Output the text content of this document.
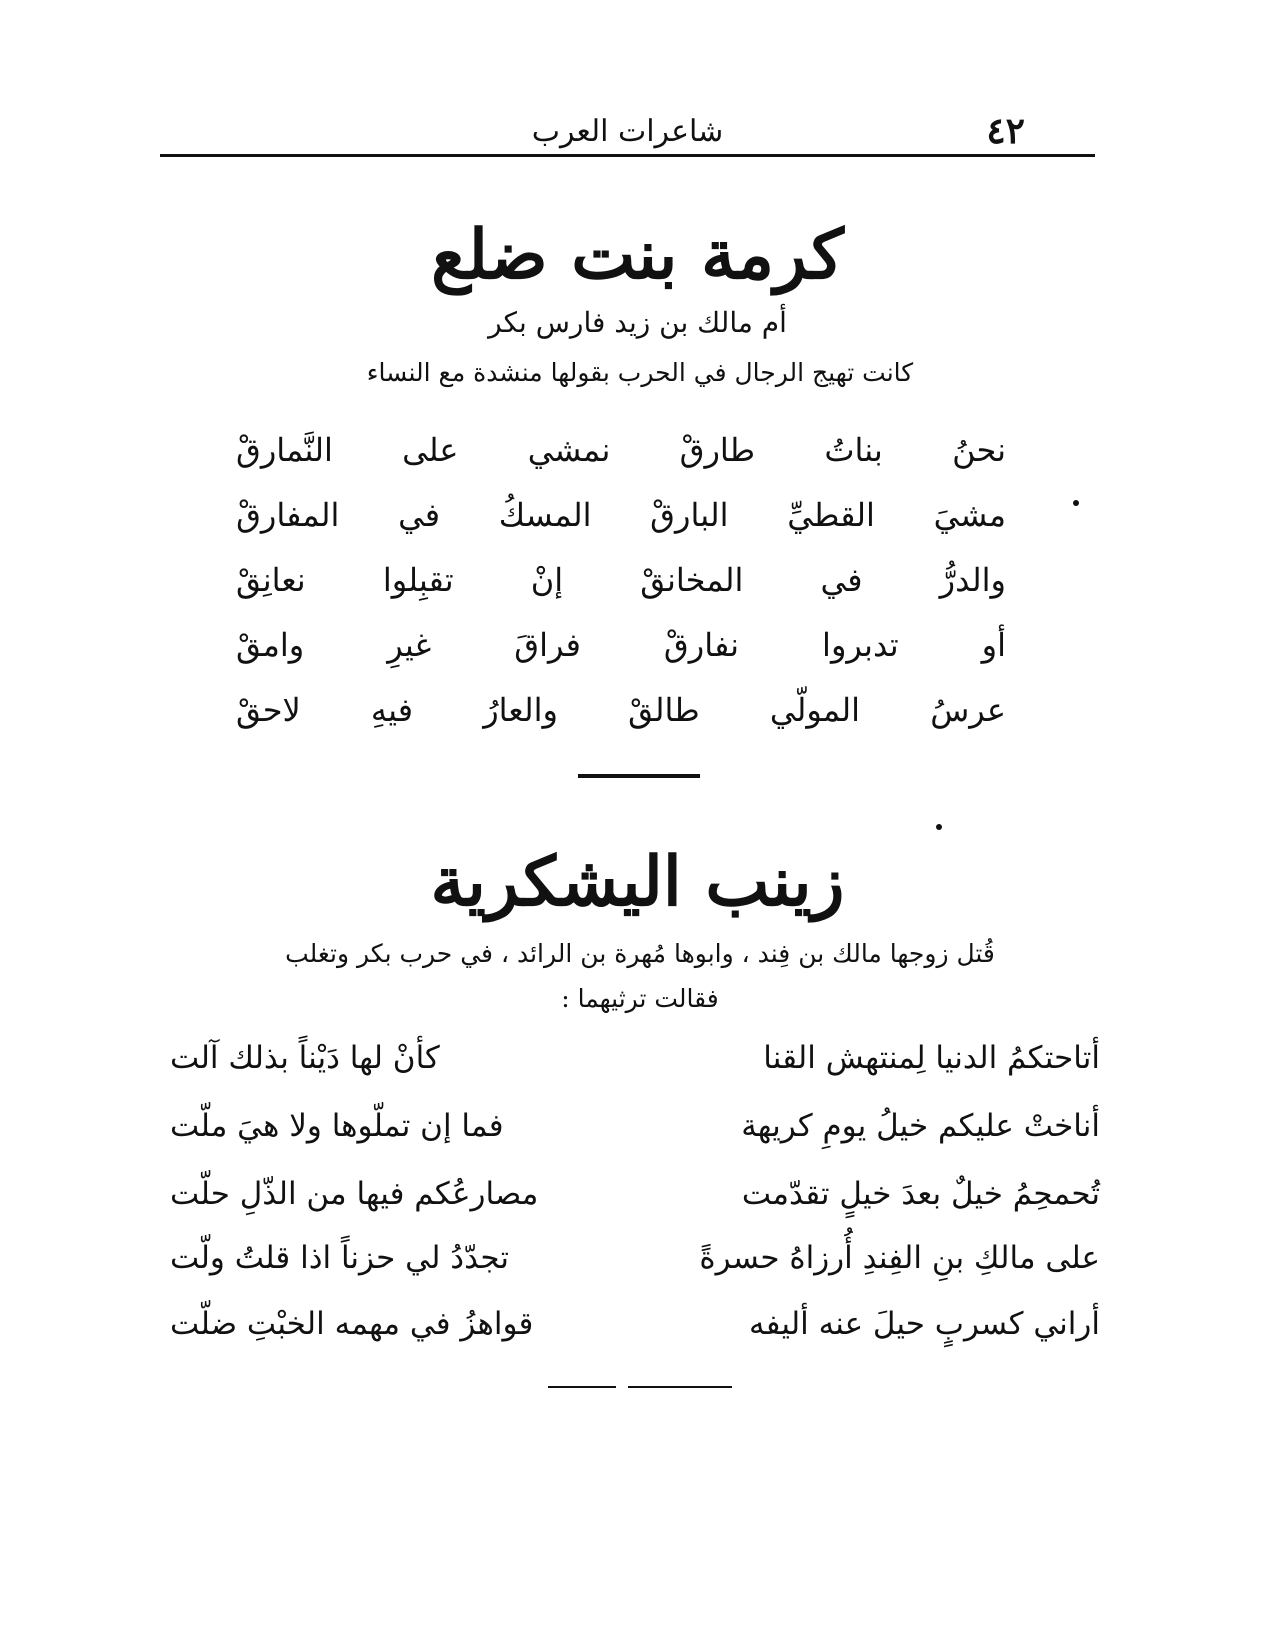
٤٢
شاعرات العرب
كرمة بنت ضلع
أم مالك بن زيد فارس بكر
كانت تهيج الرجال في الحرب بقولها منشدة مع النساء
نحنُ
بناتُ
طارقْ
نمشي
على
النَّمارقْ
مشيَ
القطيِّ
البارقْ
المسكُ
في
المفارقْ
والدرُّ
في
المخانقْ
إنْ
تقبِلوا
نعانِقْ
أو
تدبروا
نفارقْ
فراقَ
غيرِ
وامقْ
عرسُ
المولّي
طالقْ
والعارُ
فيهِ
لاحقْ
زينب اليشكرية
قُتل زوجها مالك بن فِند ، وابوها مُهرة بن الرائد ، في حرب بكر وتغلب
فقالت ترثيهما :
أتاحتكمُ الدنيا لِمنتهش القنا
كأنْ لها دَيْناً بذلك آلت
أناختْ عليكم خيلُ يومِ كريهة
فما إن تملّوها ولا هيَ ملّت
تُحمحِمُ خيلٌ بعدَ خيلٍ تقدّمت
مصارعُكم فيها من الذّلِ حلّت
على مالكِ بنِ الفِندِ أُرزاهُ حسرةً
تجدّدُ لي حزناً اذا قلتُ ولّت
أراني كسربٍ حيلَ عنه أليفه
قواهزُ في مهمه الخبْتِ ضلّت
